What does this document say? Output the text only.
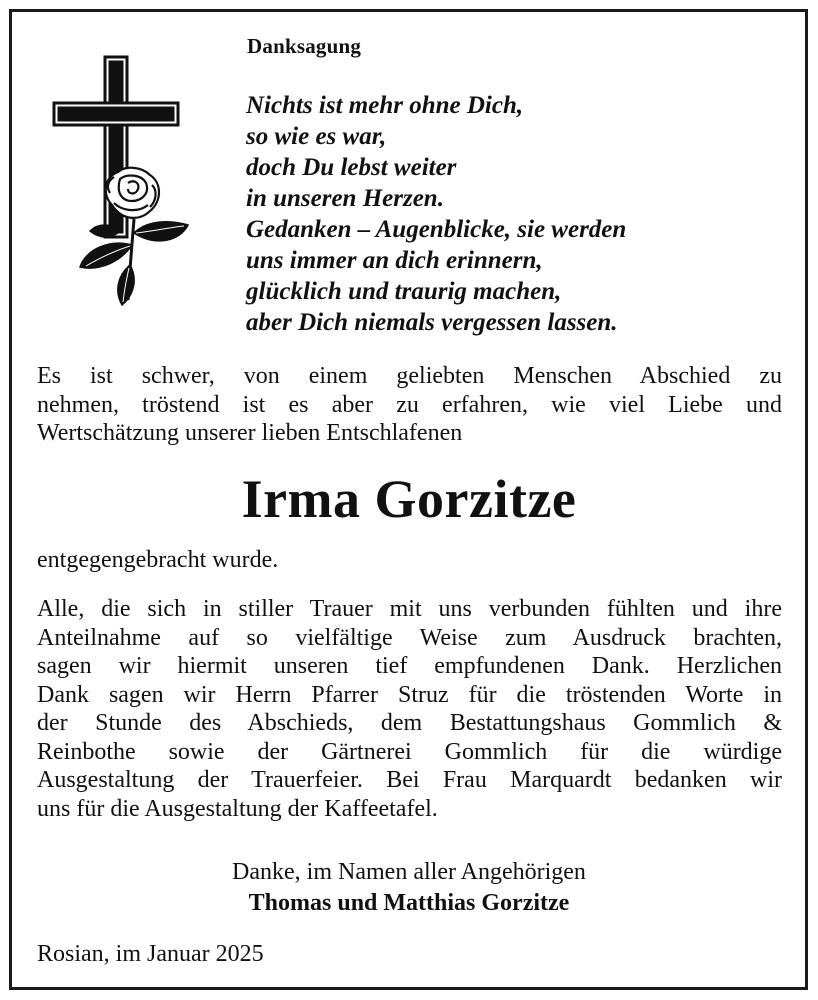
Danksagung
Nichts ist mehr ohne Dich,
so wie es war,
doch Du lebst weiter
in unseren Herzen.
Gedanken – Augenblicke, sie werden
uns immer an dich erinnern,
glücklich und traurig machen,
aber Dich niemals vergessen lassen.

Es ist schwer, von einem geliebten Menschen Abschied zu
nehmen, tröstend ist es aber zu erfahren, wie viel Liebe und
Wertschätzung unserer lieben Entschlafenen

Irma Gorzitze
entgegengebracht wurde.

Alle, die sich in stiller Trauer mit uns verbunden fühlten und ihre
Anteilnahme auf so vielfältige Weise zum Ausdruck brachten,
sagen wir hiermit unseren tief empfundenen Dank. Herzlichen
Dank sagen wir Herrn Pfarrer Struz für die tröstenden Worte in
der Stunde des Abschieds, dem Bestattungshaus Gommlich &
Reinbothe sowie der Gärtnerei Gommlich für die würdige
Ausgestaltung der Trauerfeier. Bei Frau Marquardt bedanken wir
uns für die Ausgestaltung der Kaffeetafel.

Danke, im Namen aller Angehörigen
Thomas und Matthias Gorzitze
Rosian, im Januar 2025
